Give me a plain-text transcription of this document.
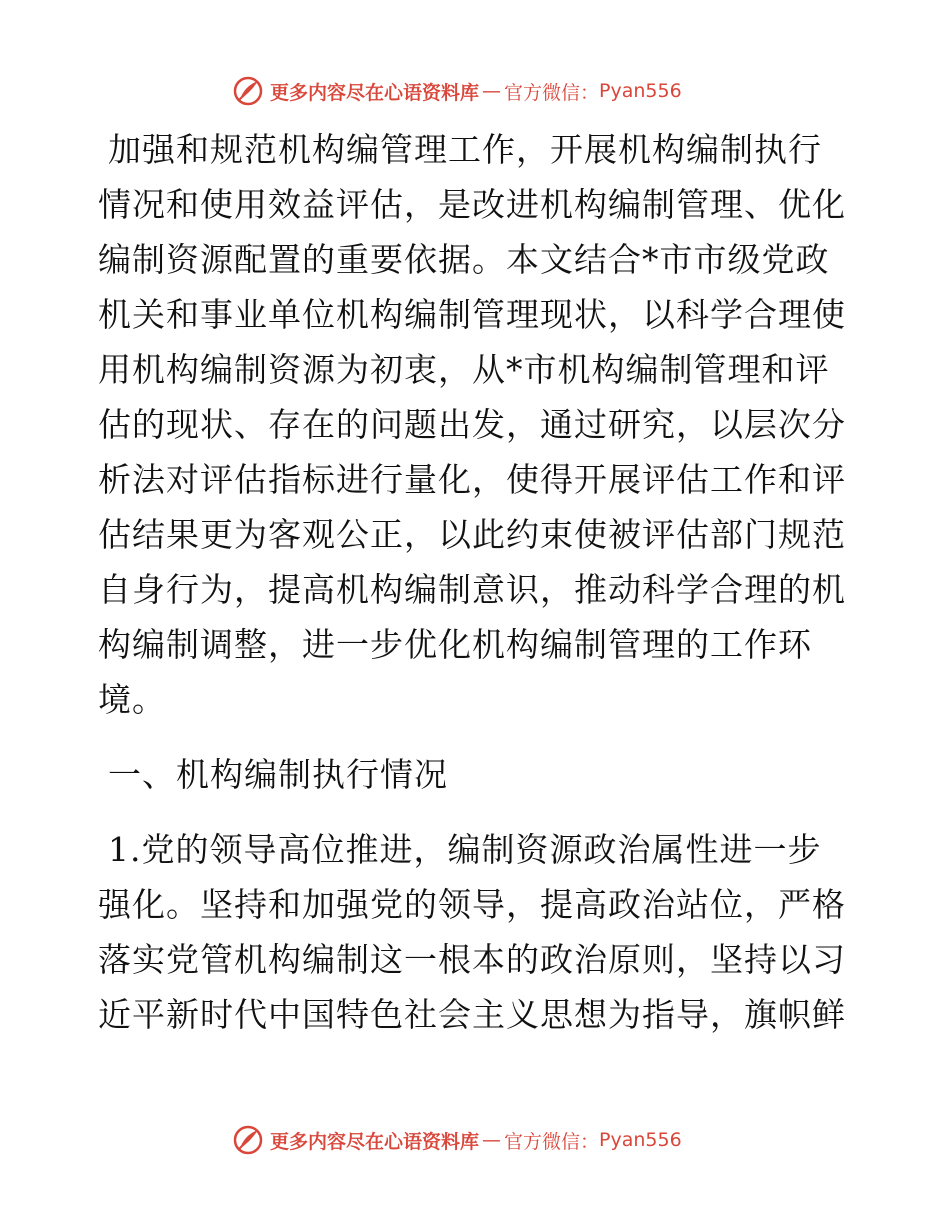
更多内容尽在心语资料库 — 官方微信： Pyan556
加强和规范机构编管理工作，开展机构编制执行
情况和使用效益评估，是改进机构编制管理、优化
编制资源配置的重要依据。本文结合*市市级党政
机关和事业单位机构编制管理现状，以科学合理使
用机构编制资源为初衷，从*市机构编制管理和评
估的现状、存在的问题出发，通过研究，以层次分
析法对评估指标进行量化，使得开展评估工作和评
估结果更为客观公正，以此约束使被评估部门规范
自身行为，提高机构编制意识，推动科学合理的机
构编制调整，进一步优化机构编制管理的工作环
境。
一、机构编制执行情况
1.党的领导高位推进，编制资源政治属性进一步
强化。坚持和加强党的领导，提高政治站位，严格
落实党管机构编制这一根本的政治原则，坚持以习
近平新时代中国特色社会主义思想为指导，旗帜鲜
更多内容尽在心语资料库 — 官方微信： Pyan556
